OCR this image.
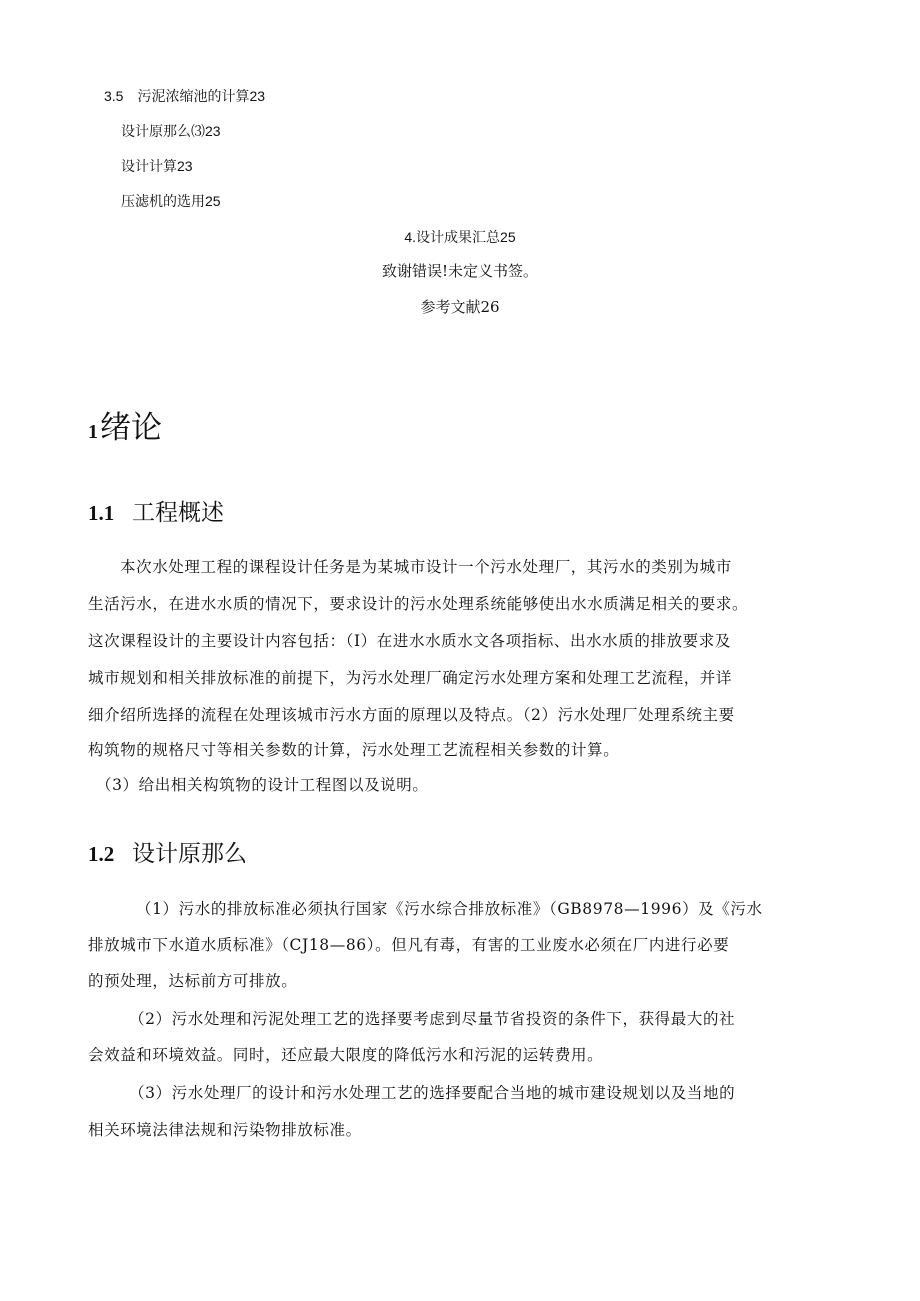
3.5　污泥浓缩池的计算23
设计原那么⑶23
设计计算23
压滤机的选用25
4.设计成果汇总25
致谢错误!未定义书签。
参考文献26
1绪论
1.1 工程概述
本次水处理工程的课程设计任务是为某城市设计一个污水处理厂，其污水的类别为城市
生活污水，在进水水质的情况下，要求设计的污水处理系统能够使出水水质满足相关的要求。
这次课程设计的主要设计内容包括：（I）在进水水质水文各项指标、出水水质的排放要求及
城市规划和相关排放标准的前提下，为污水处理厂确定污水处理方案和处理工艺流程，并详
细介绍所选择的流程在处理该城市污水方面的原理以及特点。（2）污水处理厂处理系统主要
构筑物的规格尺寸等相关参数的计算，污水处理工艺流程相关参数的计算。
（3）给出相关构筑物的设计工程图以及说明。
1.2 设计原那么
（1）污水的排放标准必须执行国家《污水综合排放标准》（GB8978—1996）及《污水
排放城市下水道水质标准》（CJ18—86）。但凡有毒，有害的工业废水必须在厂内进行必要
的预处理，达标前方可排放。
（2）污水处理和污泥处理工艺的选择要考虑到尽量节省投资的条件下，获得最大的社
会效益和环境效益。同时，还应最大限度的降低污水和污泥的运转费用。
（3）污水处理厂的设计和污水处理工艺的选择要配合当地的城市建设规划以及当地的
相关环境法律法规和污染物排放标准。
